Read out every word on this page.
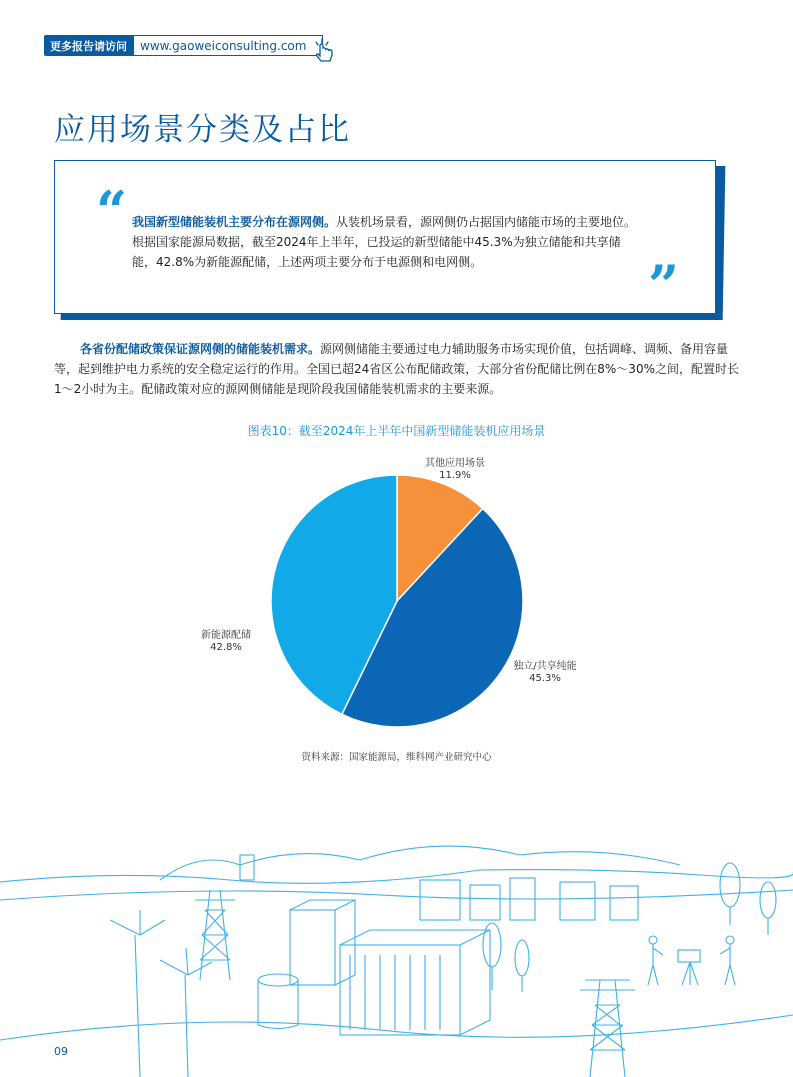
更多报告请访问	www.gaoweiconsulting.com
应用场景分类及占比
“
”
我国新型储能装机主要分布在源网侧。从装机场景看，源网侧仍占据国内储能市场的主要地位。根据国家能源局数据，截至2024年上半年，已投运的新型储能中45.3%为独立储能和共享储能，42.8%为新能源配储，上述两项主要分布于电源侧和电网侧。
各省份配储政策保证源网侧的储能装机需求。源网侧储能主要通过电力辅助服务市场实现价值，包括调峰、调频、备用容量等，起到维护电力系统的安全稳定运行的作用。全国已超24省区公布配储政策，大部分省份配储比例在8%～30%之间，配置时长1～2小时为主。配储政策对应的源网侧储能是现阶段我国储能装机需求的主要来源。
图表10：截至2024年上半年中国新型储能装机应用场景
其他应用场景
11.9%
独立/共享纯能
45.3%
新能源配储
42.8%
资料来源：国家能源局，维科网产业研究中心
09
